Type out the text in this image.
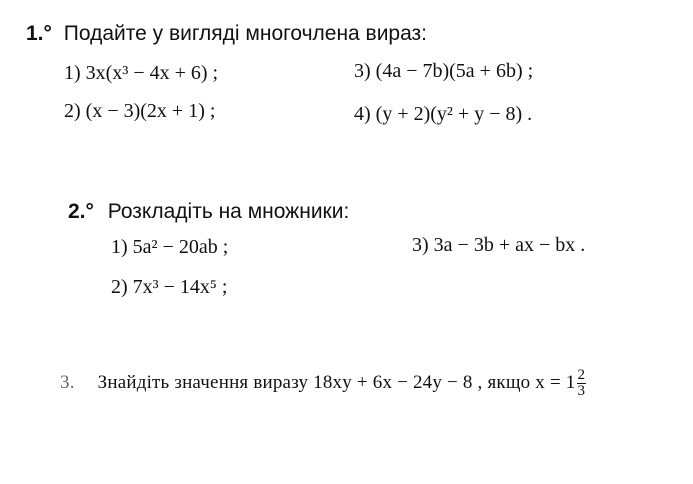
1.° Подайте у вигляді многочлена вираз:
1) 3x(x³ − 4x + 6) ;
2) (x − 3)(2x + 1) ;
3) (4a − 7b)(5a + 6b) ;
4) (y + 2)(y² + y − 8) .
2.° Розкладіть на множники:
1) 5a² − 20ab ;
2) 7x³ − 14x⁵ ;
3) 3a − 3b + ax − bx .
3. Знайдіть значення виразу 18xy + 6x − 24y − 8 , якщо $x = 1 \frac{2}{3}$
